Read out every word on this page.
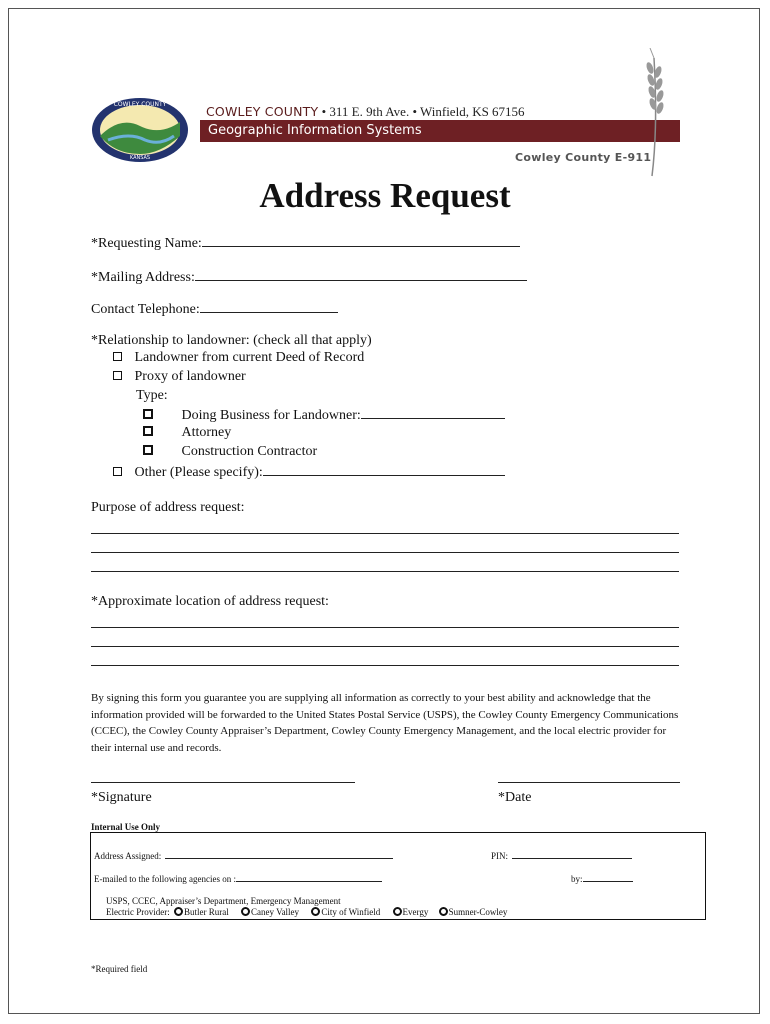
COWLEY COUNTY
KANSAS
COWLEY COUNTY • 311 E. 9th Ave. • Winfield, KS 67156
Geographic Information Systems
Cowley County E-911
Address Request
*Requesting Name:
*Mailing Address:
Contact Telephone:
*Relationship to landowner: (check all that apply)
Landowner from current Deed of Record
Proxy of landowner
Type:
Doing Business for Landowner:
Attorney
Construction Contractor
Other (Please specify):
Purpose of address request:
*Approximate location of address request:
By signing this form you guarantee you are supplying all information as correctly to your best ability and acknowledge that the information provided will be forwarded to the United States Postal Service (USPS), the Cowley County Emergency Communications (CCEC), the Cowley County Appraiser’s Department, Cowley County Emergency Management, and the local electric provider for their internal use and records.
*Signature	*Date
Internal Use Only
Address Assigned:	PIN:
E-mailed to the following agencies on :	by:
USPS, CCEC, Appraiser’s Department, Emergency Management
Electric Provider: Butler Rural Caney Valley City of Winfield Evergy Sumner-Cowley
*Required field
